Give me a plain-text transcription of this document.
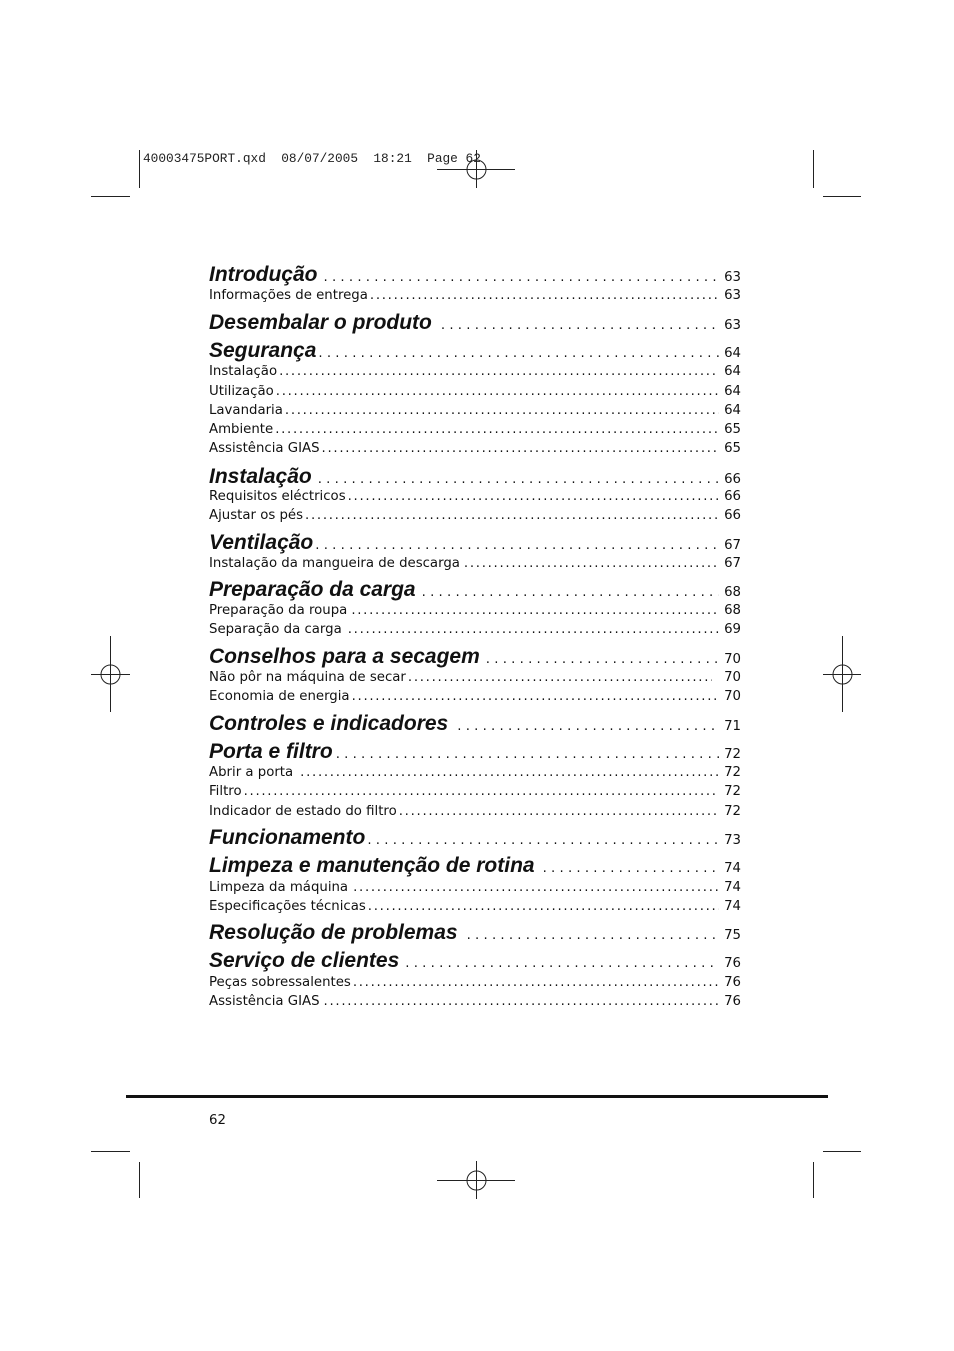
40003475PORT.qxd  08/07/2005  18:21  Page 62
Introdução . . .	63
Informações de entrega .....	63
Desembalar o produto . . .	63
Segurança . . .	64
Instalação .....	64
Utilização .....	64
Lavandaria .....	64
Ambiente .....	65
Assistência GIAS .....	65
Instalação . . .	66
Requisitos eléctricos .....	66
Ajustar os pés .....	66
Ventilação . . .	67
Instalação da mangueira de descarga .....	67
Preparação da carga . . .	68
Preparação da roupa .....	68
Separação da carga .....	69
Conselhos para a secagem . . .	70
Não pôr na máquina de secar .....	70
Economia de energia .....	70
Controles e indicadores . . .	71
Porta e filtro . . .	72
Abrir a porta .....	72
Filtro .....	72
Indicador de estado do filtro .....	72
Funcionamento . . .	73
Limpeza e manutenção de rotina . . .	74
Limpeza da máquina .....	74
Especificações técnicas .....	74
Resolução de problemas . . .	75
Serviço de clientes . . .	76
Peças sobressalentes .....	76
Assistência GIAS .....	76
62
